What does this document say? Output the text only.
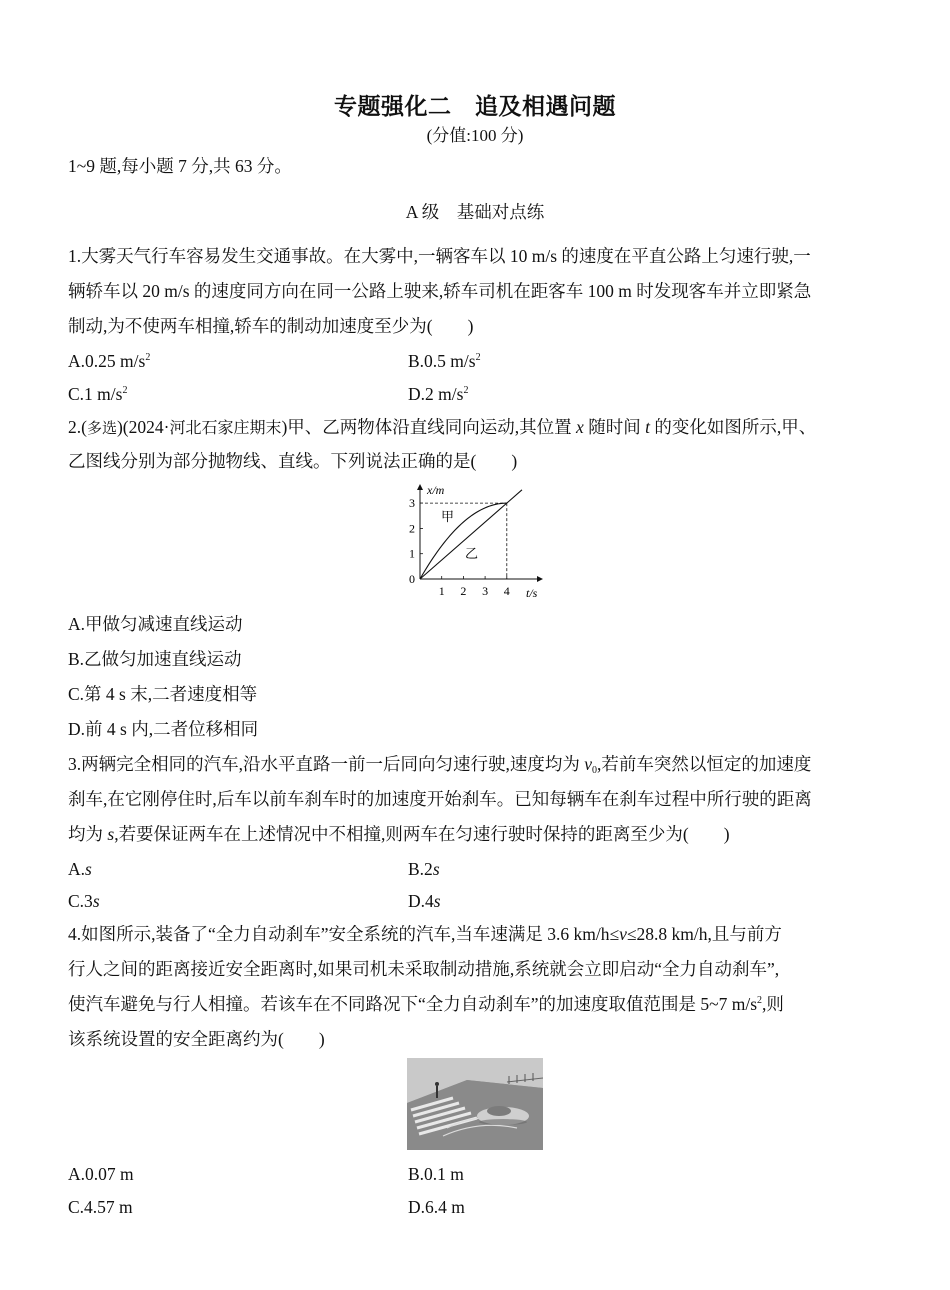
专题强化二　追及相遇问题
(分值:100 分)
1~9 题,每小题 7 分,共 63 分。
A 级　基础对点练
1.大雾天气行车容易发生交通事故。在大雾中,一辆客车以 10 m/s 的速度在平直公路上匀速行驶,一
辆轿车以 20 m/s 的速度同方向在同一公路上驶来,轿车司机在距客车 100 m 时发现客车并立即紧急
制动,为不使两车相撞,轿车的制动加速度至少为(　　)
A.0.25 $m/s^2$	B.0.5 $m/s^2$
C.1 $m/s^2$	D.2 $m/s^2$
2.(多选)(2024·河北石家庄期末)甲、乙两物体沿直线同向运动,其位置 x 随时间 t 的变化如图所示,甲、
乙图线分别为部分抛物线、直线。下列说法正确的是(　　)
x/m
t/s
0
1
2
3
1 2 3 4
甲
乙
A.甲做匀减速直线运动
B.乙做匀加速直线运动
C.第 4 s 末,二者速度相等
D.前 4 s 内,二者位移相同
3.两辆完全相同的汽车,沿水平直路一前一后同向匀速行驶,速度均为 $v_0$,若前车突然以恒定的加速度
刹车,在它刚停住时,后车以前车刹车时的加速度开始刹车。已知每辆车在刹车过程中所行驶的距离
均为 s,若要保证两车在上述情况中不相撞,则两车在匀速行驶时保持的距离至少为(　　)
A.s	B.2s
C.3s	D.4s
4.如图所示,装备了“全力自动刹车”安全系统的汽车,当车速满足 3.6 km/h≤v≤28.8 km/h,且与前方
行人之间的距离接近安全距离时,如果司机未采取制动措施,系统就会立即启动“全力自动刹车”,
使汽车避免与行人相撞。若该车在不同路况下“全力自动刹车”的加速度取值范围是 5~7 $m/s^2$,则
该系统设置的安全距离约为(　　)
A.0.07 m	B.0.1 m
C.4.57 m	D.6.4 m
